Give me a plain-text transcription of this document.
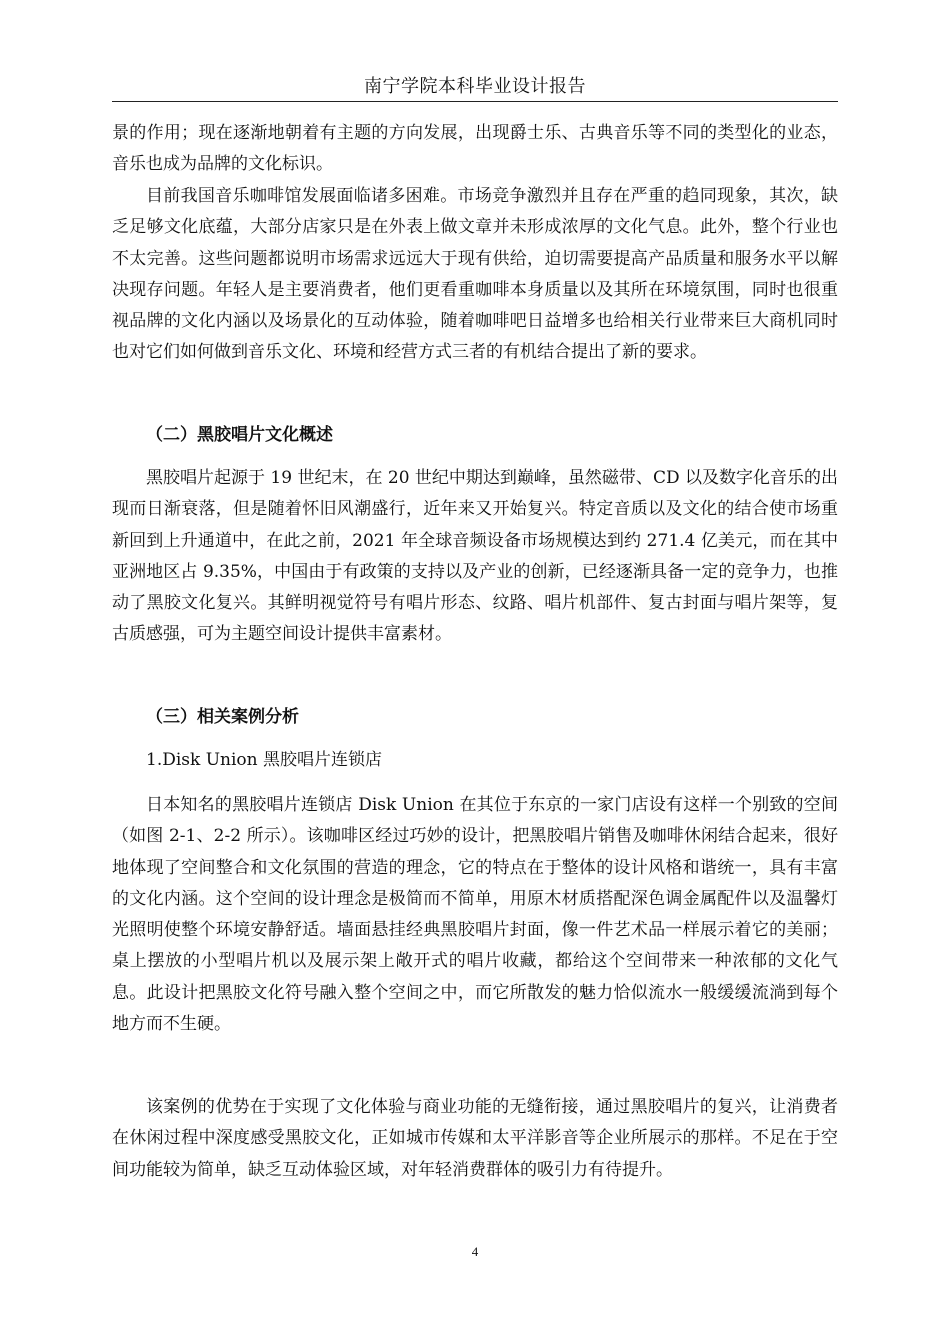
南宁学院本科毕业设计报告

景的作用；现在逐渐地朝着有主题的方向发展，出现爵士乐、古典音乐等不同的类型化的业态，音乐也成为品牌的文化标识。

目前我国音乐咖啡馆发展面临诸多困难。市场竞争激烈并且存在严重的趋同现象，其次，缺乏足够文化底蕴，大部分店家只是在外表上做文章并未形成浓厚的文化气息。此外，整个行业也不太完善。这些问题都说明市场需求远远大于现有供给，迫切需要提高产品质量和服务水平以解决现存问题。年轻人是主要消费者，他们更看重咖啡本身质量以及其所在环境氛围，同时也很重视品牌的文化内涵以及场景化的互动体验，随着咖啡吧日益增多也给相关行业带来巨大商机同时也对它们如何做到音乐文化、环境和经营方式三者的有机结合提出了新的要求。

（二）黑胶唱片文化概述

黑胶唱片起源于 19 世纪末，在 20 世纪中期达到巅峰，虽然磁带、CD 以及数字化音乐的出现而日渐衰落，但是随着怀旧风潮盛行，近年来又开始复兴。特定音质以及文化的结合使市场重新回到上升通道中，在此之前，2021 年全球音频设备市场规模达到约 271.4 亿美元，而在其中亚洲地区占 9.35%，中国由于有政策的支持以及产业的创新，已经逐渐具备一定的竞争力，也推动了黑胶文化复兴。其鲜明视觉符号有唱片形态、纹路、唱片机部件、复古封面与唱片架等，复古质感强，可为主题空间设计提供丰富素材。

（三）相关案例分析
1.Disk Union 黑胶唱片连锁店

日本知名的黑胶唱片连锁店 Disk Union 在其位于东京的一家门店设有这样一个别致的空间（如图 2-1、2-2 所示）。该咖啡区经过巧妙的设计，把黑胶唱片销售及咖啡休闲结合起来，很好地体现了空间整合和文化氛围的营造的理念，它的特点在于整体的设计风格和谐统一，具有丰富的文化内涵。这个空间的设计理念是极简而不简单，用原木材质搭配深色调金属配件以及温馨灯光照明使整个环境安静舒适。墙面悬挂经典黑胶唱片封面，像一件艺术品一样展示着它的美丽；桌上摆放的小型唱片机以及展示架上敞开式的唱片收藏，都给这个空间带来一种浓郁的文化气息。此设计把黑胶文化符号融入整个空间之中，而它所散发的魅力恰似流水一般缓缓流淌到每个地方而不生硬。

该案例的优势在于实现了文化体验与商业功能的无缝衔接，通过黑胶唱片的复兴，让消费者在休闲过程中深度感受黑胶文化，正如城市传媒和太平洋影音等企业所展示的那样。不足在于空间功能较为简单，缺乏互动体验区域，对年轻消费群体的吸引力有待提升。

4
